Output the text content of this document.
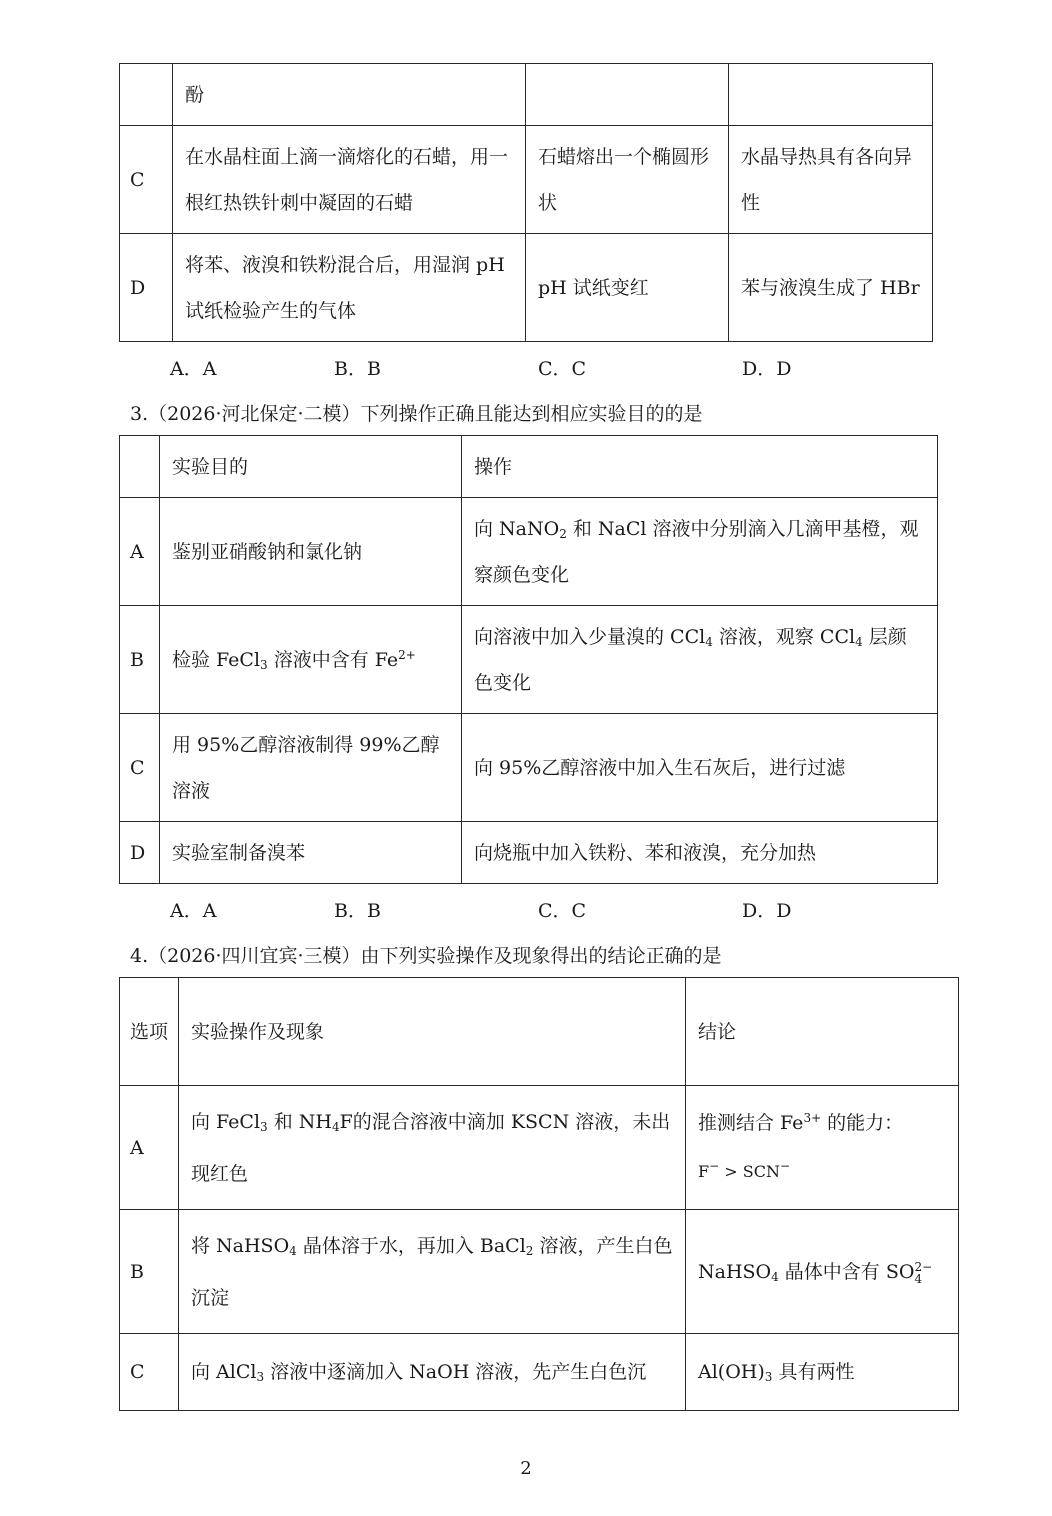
	酚		
C	在水晶柱面上滴一滴熔化的石蜡，用一根红热铁针刺中凝固的石蜡	石蜡熔出一个椭圆形状	水晶导热具有各向异性
D	将苯、液溴和铁粉混合后，用湿润 pH 试纸检验产生的气体	pH 试纸变红	苯与液溴生成了 HBr
A．A	B．B	C．C	D．D
3.（2026·河北保定·二模）下列操作正确且能达到相应实验目的的是
	实验目的	操作
A	鉴别亚硝酸钠和氯化钠	向 NaNO$_2$ 和 NaCl 溶液中分别滴入几滴甲基橙，观察颜色变化
B	检验 FeCl$_3$ 溶液中含有 $Fe^{2+}$	向溶液中加入少量溴的 CCl$_4$ 溶液，观察 CCl$_4$ 层颜色变化
C	用 95%乙醇溶液制得 99%乙醇溶液	向 95%乙醇溶液中加入生石灰后，进行过滤
D	实验室制备溴苯	向烧瓶中加入铁粉、苯和液溴，充分加热
A．A	B．B	C．C	D．D
4.（2026·四川宜宾·三模）由下列实验操作及现象得出的结论正确的是
选项	实验操作及现象	结论
A	向 FeCl$_3$ 和 $NH_4F$的混合溶液中滴加 KSCN 溶液，未出现红色	推测结合 $Fe^{3+}$ 的能力：
F− > SCN−
B	将 NaHSO$_4$ 晶体溶于水，再加入 BaCl$_2$ 溶液，产生白色沉淀	NaHSO$_4$ 晶体中含有 SO 2−
4

C	向 AlCl$_3$ 溶液中逐滴加入 NaOH 溶液，先产生白色沉	$Al(OH)_3$ 具有两性
2
